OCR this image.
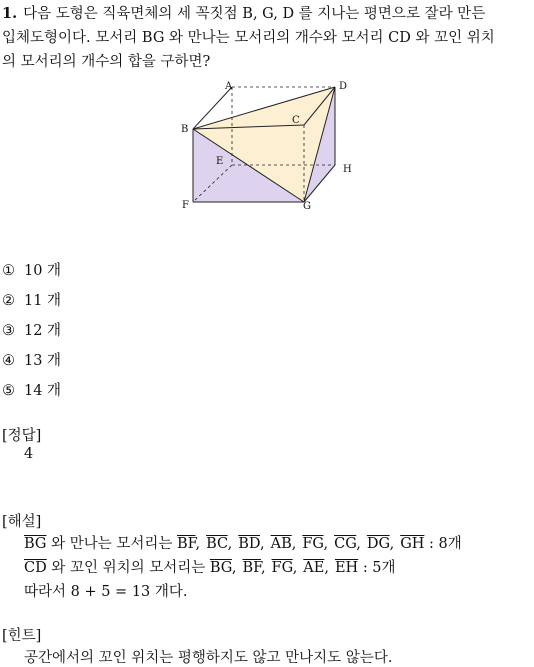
1. 다음 도형은 직육면체의 세 꼭짓점 B, G, D 를 지나는 평면으로 잘라 만든
입체도형이다. 모서리 BG 와 만나는 모서리의 개수와 모서리 CD 와 꼬인 위치
의 모서리의 개수의 합을 구하면?
A
B
C
D
E
F	G
H
① 10 개
② 11 개
③ 12 개
④ 13 개
⑤ 14 개
[정답]
4
[해설]
$\overline{BG}$ 와 만나는 모서리는 $\overline{BF}$, $\overline{BC}$, $\overline{BD}$, $\overline{AB}$, $\overline{FG}$, $\overline{CG}$, $\overline{DG}$, $\overline{GH}$ : 8개
$\overline{CD}$ 와 꼬인 위치의 모서리는 $\overline{BG}$, $\overline{BF}$, $\overline{FG}$, $\overline{AE}$, $\overline{EH}$ : 5개
따라서 8 + 5 = 13 개다.
[힌트]
공간에서의 꼬인 위치는 평행하지도 않고 만나지도 않는다.
